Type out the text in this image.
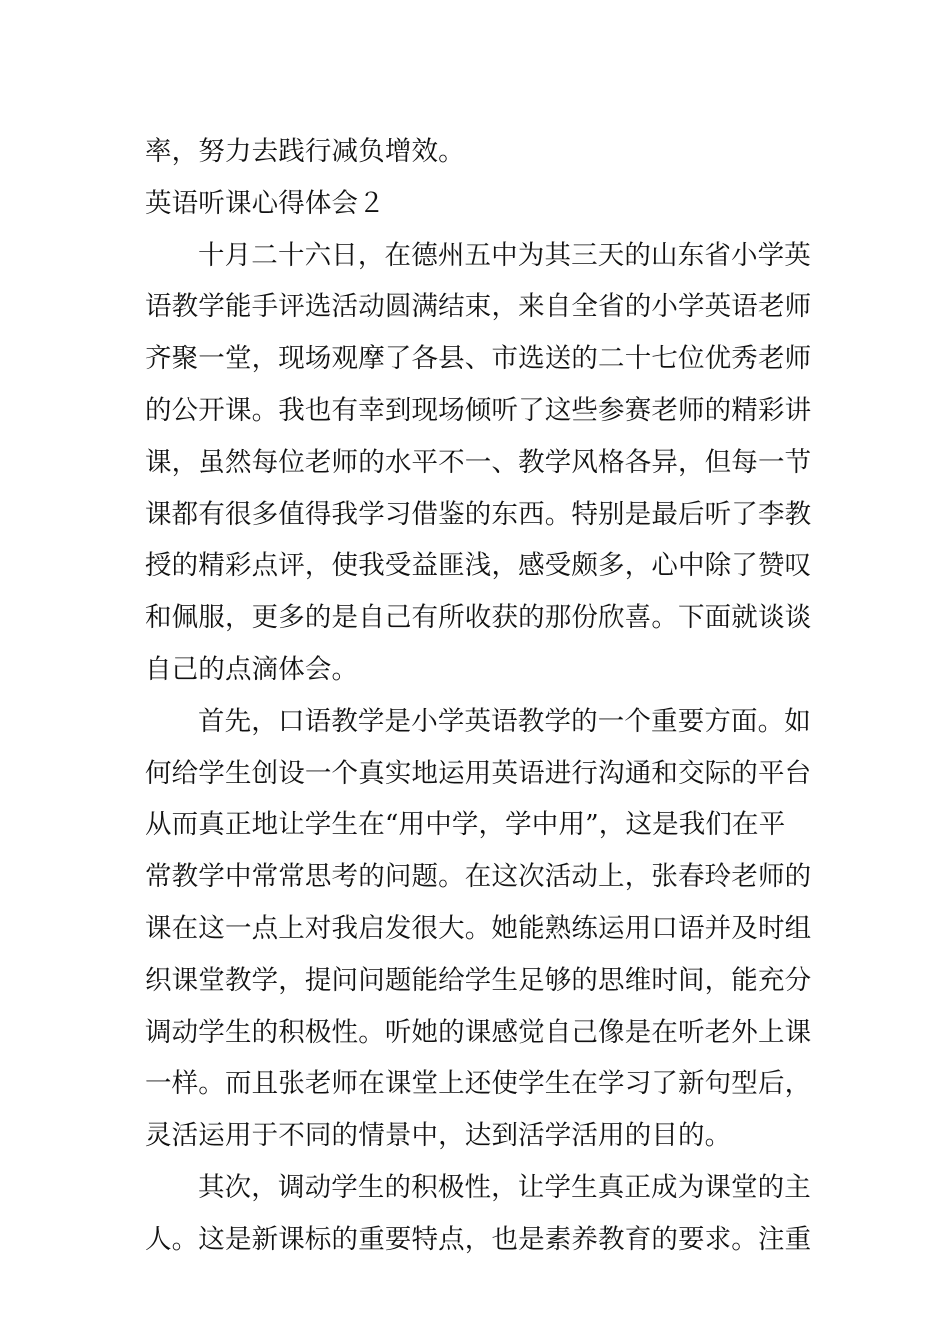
率，努力去践行减负增效。
英语听课心得体会２
十月二十六日，在德州五中为其三天的山东省小学英
语教学能手评选活动圆满结束，来自全省的小学英语老师
齐聚一堂，现场观摩了各县、市选送的二十七位优秀老师
的公开课。我也有幸到现场倾听了这些参赛老师的精彩讲
课，虽然每位老师的水平不一、教学风格各异，但每一节
课都有很多值得我学习借鉴的东西。特别是最后听了李教
授的精彩点评，使我受益匪浅，感受颇多，心中除了赞叹
和佩服，更多的是自己有所收获的那份欣喜。下面就谈谈
自己的点滴体会。
首先，口语教学是小学英语教学的一个重要方面。如
何给学生创设一个真实地运用英语进行沟通和交际的平台
从而真正地让学生在“用中学，学中用”，这是我们在平
常教学中常常思考的问题。在这次活动上，张春玲老师的
课在这一点上对我启发很大。她能熟练运用口语并及时组
织课堂教学，提问问题能给学生足够的思维时间，能充分
调动学生的积极性。听她的课感觉自己像是在听老外上课
一样。而且张老师在课堂上还使学生在学习了新句型后，
灵活运用于不同的情景中，达到活学活用的目的。
其次，调动学生的积极性，让学生真正成为课堂的主
人。这是新课标的重要特点，也是素养教育的要求。注重
